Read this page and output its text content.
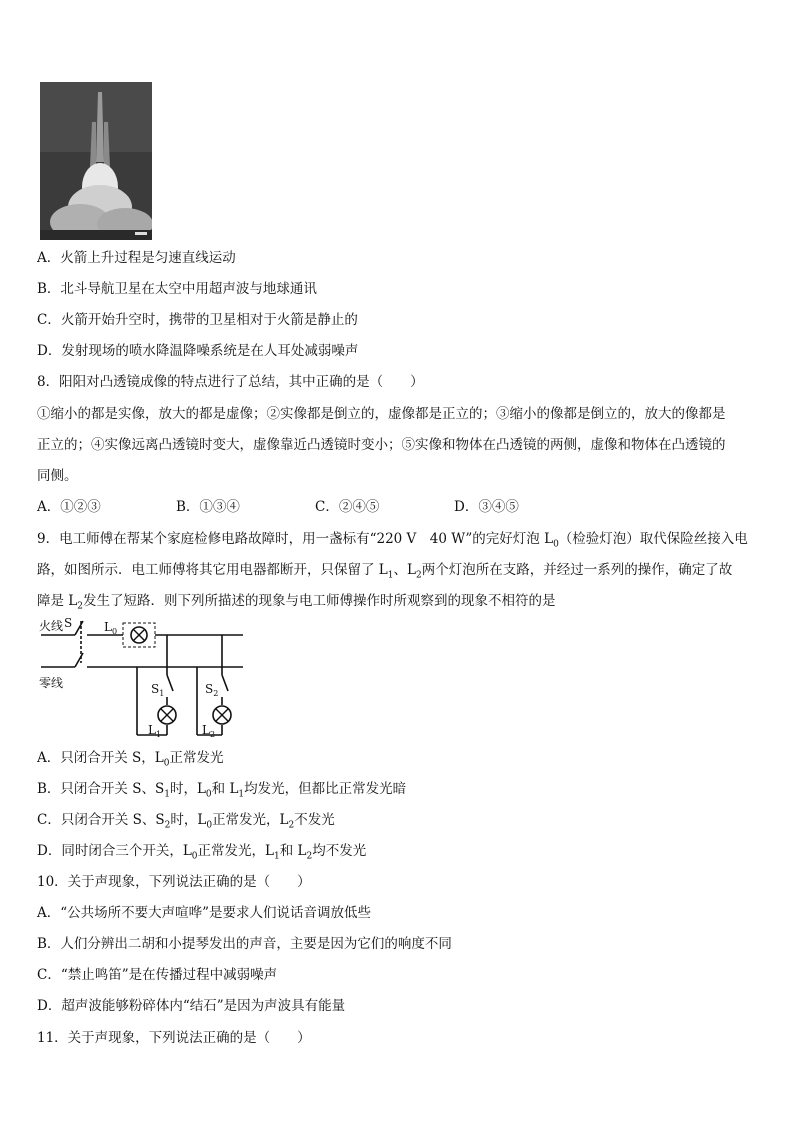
A．火箭上升过程是匀速直线运动
B．北斗导航卫星在太空中用超声波与地球通讯
C．火箭开始升空时，携带的卫星相对于火箭是静止的
D．发射现场的喷水降温降噪系统是在人耳处减弱噪声
8．阳阳对凸透镜成像的特点进行了总结，其中正确的是（　　）
①缩小的都是实像，放大的都是虚像；②实像都是倒立的，虚像都是正立的；③缩小的像都是倒立的，放大的像都是
正立的；④实像远离凸透镜时变大，虚像靠近凸透镜时变小；⑤实像和物体在凸透镜的两侧，虚像和物体在凸透镜的
同侧。
A．①②③	B．①③④	C．②④⑤	D．③④⑤
9．电工师傅在帮某个家庭检修电路故障时，用一盏标有“220 V　40 W”的完好灯泡 $L_0$（检验灯泡）取代保险丝接入电
路，如图所示．电工师傅将其它用电器都断开，只保留了 $L_1$、$L_2$两个灯泡所在支路，并经过一系列的操作，确定了故
障是 $L_2$发生了短路．则下列所描述的现象与电工师傅操作时所观察到的现象不相符的是
火线
零线
S	$L_0$
$S_1$	$S_2$
$L_1$	$L_2$
A．只闭合开关 S，$L_0$正常发光
B．只闭合开关 S、$S_1$时，$L_0$和 $L_1$均发光，但都比正常发光暗
C．只闭合开关 S、$S_2$时，$L_0$正常发光，$L_2$不发光
D．同时闭合三个开关，$L_0$正常发光，$L_1$和 $L_2$均不发光
10．关于声现象，下列说法正确的是（　　）
A．“公共场所不要大声喧哗”是要求人们说话音调放低些
B．人们分辨出二胡和小提琴发出的声音，主要是因为它们的响度不同
C．“禁止鸣笛”是在传播过程中减弱噪声
D．超声波能够粉碎体内“结石”是因为声波具有能量
11．关于声现象，下列说法正确的是（　　）
